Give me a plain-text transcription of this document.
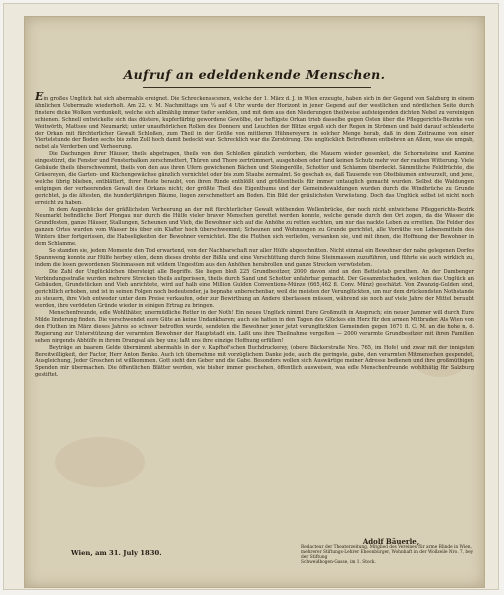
Aufruf an edeldenkende Menschen.

Ein großes Unglück hat sich abermahls ereignet. Die Schreckensscenen, welche der 1. März d. J. in Wien erzeugte, haben sich in der Gegend von Salzburg in einem ähnlichen Ueberma߶e wiederholt. Am 22. v. M. Nachmittags um ¼ auf 4 Uhr wurde der Horizont in jener Gegend auf der westlichen und nördlichen Seite durch finstere dicke Wolken verdunkelt, welche sich allmählig immer tiefer senkten, und mit dem aus den Niederungen theilweise aufsteigenden dichten Nebel zu vereinigen schienen. Schnell entwickelte sich das düstere, kupferfärbig gewordene Gewölbe, der heftigste Orkan trieb dasselbe gegen Osten über die Pfleggerichts-Bezirke von Weitwörth, Mattsee und Neumarkt; unter unaufhörlichen Rollen des Donners und Leuchten der Blitze ergoß sich der Regen in Strömen und bald darauf schleuderte der Orkan mit fürchterlicher Gewalt Schloßen, zum Theil in der Größe von mittleren Hühnereyern in solcher Menge herab, daß in dem Zeitraume von einer Viertelstunde der Boden sechs bis zehn Zoll hoch damit bedeckt war. Schrecklich war die Zerstörung. Die unglücklich Betroffenen entbehren an Allem, was sie umgab, nebst als Verderben und Verheerung.

Die Dachungen ihrer Häuser, theils abgetragen, theils von den Schloßen gänzlich verdorben, die Mauern wieder gesenket, die Schornsteine und Kamine eingestürzt, die Fenster und Fensterbalken zerschmettert, Thüren und Thore zertrümmert, ausgehoben oder fand keinen Schutz mehr vor der rauhen Witterung. Viele Gebäude theils überschwemmt, theils von den aus ihren Ufern gewichenen Bächen und Steingerölle, Schotter und Schlamm überdeckt. Sämmtliche Feldfrüchte, die Gräsereyen, die Garten- und Küchengewächse gänzlich vernichtet oder bis zum Staube zermalmt. So geschah es, daß Tausende von Obstbäumen entwurzelt, und jene, welche übrig blieben, entblättert, ihrer Reste beraubt, von ihren Rinde entblößt und größtentheils für immer untauglich gemacht wurden. Selbst die Waldungen entgingen der verheerenden Gewalt des Orkans nicht; der größte Theil des Eigenthums und der Gemeindewaldungen wurden durch die Windbrüche zu Grunde gerichtet, ja die ältesten, die hundertjährigen Bäume, liegen zerschmettert am Boden. Ein Bild der gräulichsten Verwüstung. Doch das Unglück selbst ist nicht noch erreicht zu haben.

In dem Augenblicke der gräßlichsten Verheerung an der mit fürchterlicher Gewalt wüthenden Wellenbrücke, der noch nicht entwichene Pfleggerichts-Bezirk Neumarkt befindliche Dorf Pfongau nur durch die Hülfe vieler braver Menschen gerettet werden konnte, welche gerade durch den Ort zogen, da die Wässer die Grundfesten, ganze Häuser, Stallungen, Scheunen und Vieh, die Bewohner sich auf die Anhöhe zu retten suchten, um nur das nackte Leben zu erretten. Die Felder des ganzen Ortes wurden vom Wasser bis über ein Klafter hoch überschwemmt; Scheunen und Wohnungen zu Grunde gerichtet, alle Vorräthe von Lebensmitteln des Winters über fortgerissen, die Habseligkeiten der Bewohner vernichtet. Ehe die Fluthen sich verliefen, versanken sie, und mit ihnen, die Hoffnung der Bewohner in dem Schlamme.

So standen sie, jedem Momente den Tod erwartend, von der Nachbarschaft nur aller Hülfe abgeschnitten. Nicht einmal ein Bewohner der nahe gelegenen Dorfes Spannweng konnte zur Hülfe herbey eilen, denn dieses drohte der Bißlu und eine Verschüttung durch feine Steinmassen zuzuführen, und führte sie auch wirklich zu, indem die losen gewordenen Steinmassen mit wildem Ungestüm aus den Anhöhen herabrollen und ganze Strecken verwüsteten.

Die Zahl der Unglücklichen übersteigt alle Begriffe. Sie liegen bloß 225 Grundbesitzer, 2000 davon sind an den Bettelstab gerathen. An der Dambenger Verbindungsstraße wurden mehrere Strecken theils aufgerissen, theils durch Sand und Schotter unfahrbar gemacht. Der Gesammtschaden, welchen das Unglück an Gebäuden, Grundstücken und Vieh anrichtete, wird auf halb eine Million Gulden Conventions-Münze (665,462 fl. Conv. Münz) geschätzt. Von Zwanzig-Gulden sind, gerichtlich erhoben, und ist in seinen Folgen noch bedeutender, ja bepnahe unberechenbar, weil die meisten der Verunglückten, um nur dem drückendsten Nothstande zu steuern, ihre Vieh entweder unter dem Preise verkaufen, oder zur Bewirthung an Andere überlassen müssen, während sie noch auf viele Jahre der Mittel beraubt werden, ihre verödeten Gründe wieder in einigen Ertrag zu bringen.

Menschenfreunde, edle Wohlthäter, unermüdliche Retter in der Noth! Ein neues Unglück nimmt Eure Großmuth in Anspruch; ein neuer Jammer will durch Eure Milde linderung finden. Die verschwendet eure Güte an keine Undankbaren; auch sie hatten in den Tagen des Glückes ein Herz für den armen Mitbruder. Als Wien von den Fluthen im März dieses Jahres so schwer betroffen wurde, sendeten die Bewohner jener jetzt verunglückten Gemeinden gegen 1671 fl. C. M. an die hohe n. ö. Regierung zur Unterstützung der verarmten Bewohner der Hauptstadt ein. Laßt uns ihre Theilnahme vergelten — 2000 verarmte Grundbesitzer mit ihren Familien sehen nirgends Abhülfe in ihrem Drangsal als bey uns; laßt uns ihre einzige Hoffnung erfüllen!

Beyträge an baarem Gelde übernimmt abermahls in der v. Kapfhof'schen Buchdruckerey, (obere Bäckerstraße Nro. 765, im Hofe) und zwar mit der innigsten Bereitwilligkeit, der Factor, Herr Anton Benko. Auch ich übernehme mit vorzüglichem Danke jede, auch die geringste, gabe, den verarmten Mitmenschen gespendet, Ausgleichung, Jeder Groschen ist willkommen. Gott sieht den Geber und die Gabe. Besonders wollen sich Auswärtige meiner Adresse bedienen und ihre großmüthigen Spenden mir übermachen. Die öffentlichen Blätter werden, wie bisher immer geschehen, öffentlich ausweisen, was edle Menschenfreunde wohlthätig für Salzburg gestiftet.

Wien, am 31. July 1830.
Adolf Bäuerle,
Redacteur der Theaterzeitung, Mitglied des Vereines für arme Blinde in Wien,
mehrerer Stiftungs-Lehrer Eheonbürger, Wohnhaft in der Wollzeile Nro. 7, bey der Stiftung
Schweidbogen-Gasse, im 1. Stock.
